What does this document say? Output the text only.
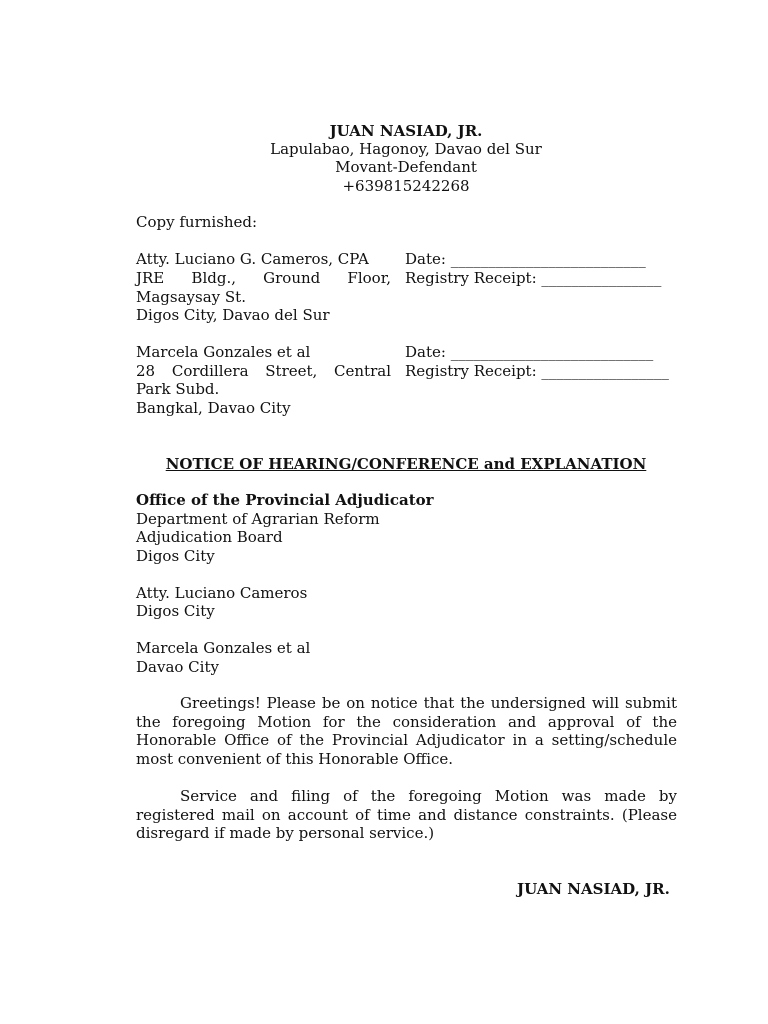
JUAN NASIAD, JR.
Lapulabao, Hagonoy, Davao del Sur
Movant-Defendant
+639815242268
Copy furnished:
Atty. Luciano G. Cameros, CPA
JRE Bldg., Ground Floor,
Magsaysay St.
Digos City, Davao del Sur
Date: __________________________
Registry Receipt: ________________
Marcela Gonzales et al
28 Cordillera Street, Central
Park Subd.
Bangkal, Davao City
Date: ___________________________
Registry Receipt: _________________
NOTICE OF HEARING/CONFERENCE and EXPLANATION
Office of the Provincial Adjudicator
Department of Agrarian Reform
Adjudication Board
Digos City
Atty. Luciano Cameros
Digos City
Marcela Gonzales et al
Davao City
Greetings! Please be on notice that the undersigned will submit the foregoing Motion for the consideration and approval of the Honorable Office of the Provincial Adjudicator in a setting/schedule most convenient of this Honorable Office.
Service and filing of the foregoing Motion was made by registered mail on account of time and distance constraints. (Please disregard if made by personal service.)
JUAN NASIAD, JR.
